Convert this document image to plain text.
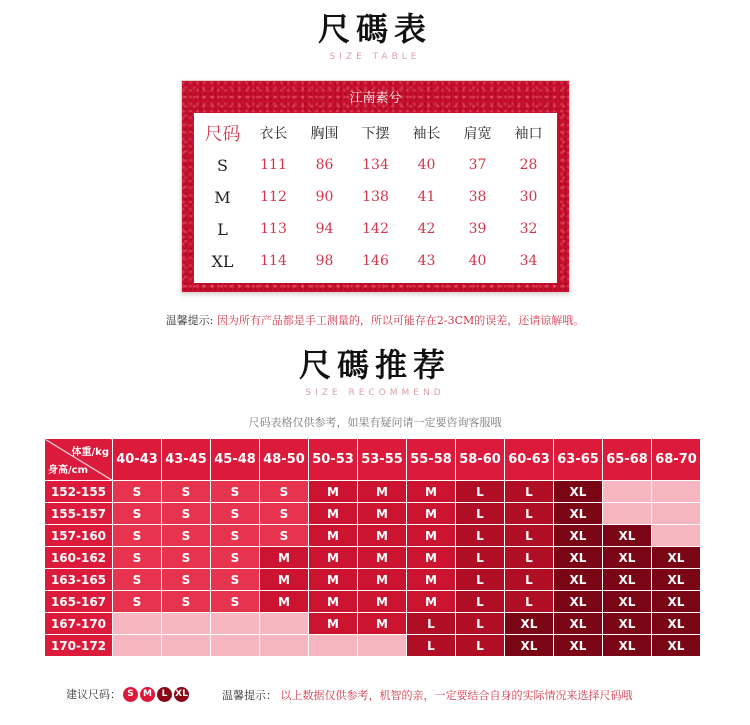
尺碼表
SIZE TABLE
江南素兮
尺码	衣长	胸围	下摆	袖长	肩宽	袖口
S	111	86	134	40	37	28
M	112	90	138	41	38	30
L	113	94	142	42	39	32
XL	114	98	146	43	40	34
温馨提示: 因为所有产品都是手工测量的，所以可能存在2-3CM的误差，还请谅解哦。
尺碼推荐
SIZE RECOMMEND
尺码表格仅供参考，如果有疑问请一定要咨询客服哦
体重/kg
身高/cm	40-43	43-45	45-48	48-50	50-53	53-55	55-58	58-60	60-63	63-65	65-68	68-70
152-155	S	S	S	S	M	M	M	L	L	XL		
155-157	S	S	S	S	M	M	M	L	L	XL		
157-160	S	S	S	S	M	M	M	L	L	XL	XL	
160-162	S	S	S	M	M	M	M	L	L	XL	XL	XL
163-165	S	S	S	M	M	M	M	L	L	XL	XL	XL
165-167	S	S	S	M	M	M	M	L	L	XL	XL	XL
167-170					M	M	L	L	XL	XL	XL	XL
170-172							L	L	XL	XL	XL	XL
建议尺码： S	M	L XL	温馨提示： 以上数据仅供参考，机智的亲，一定要结合自身的实际情况来选择尺码哦
